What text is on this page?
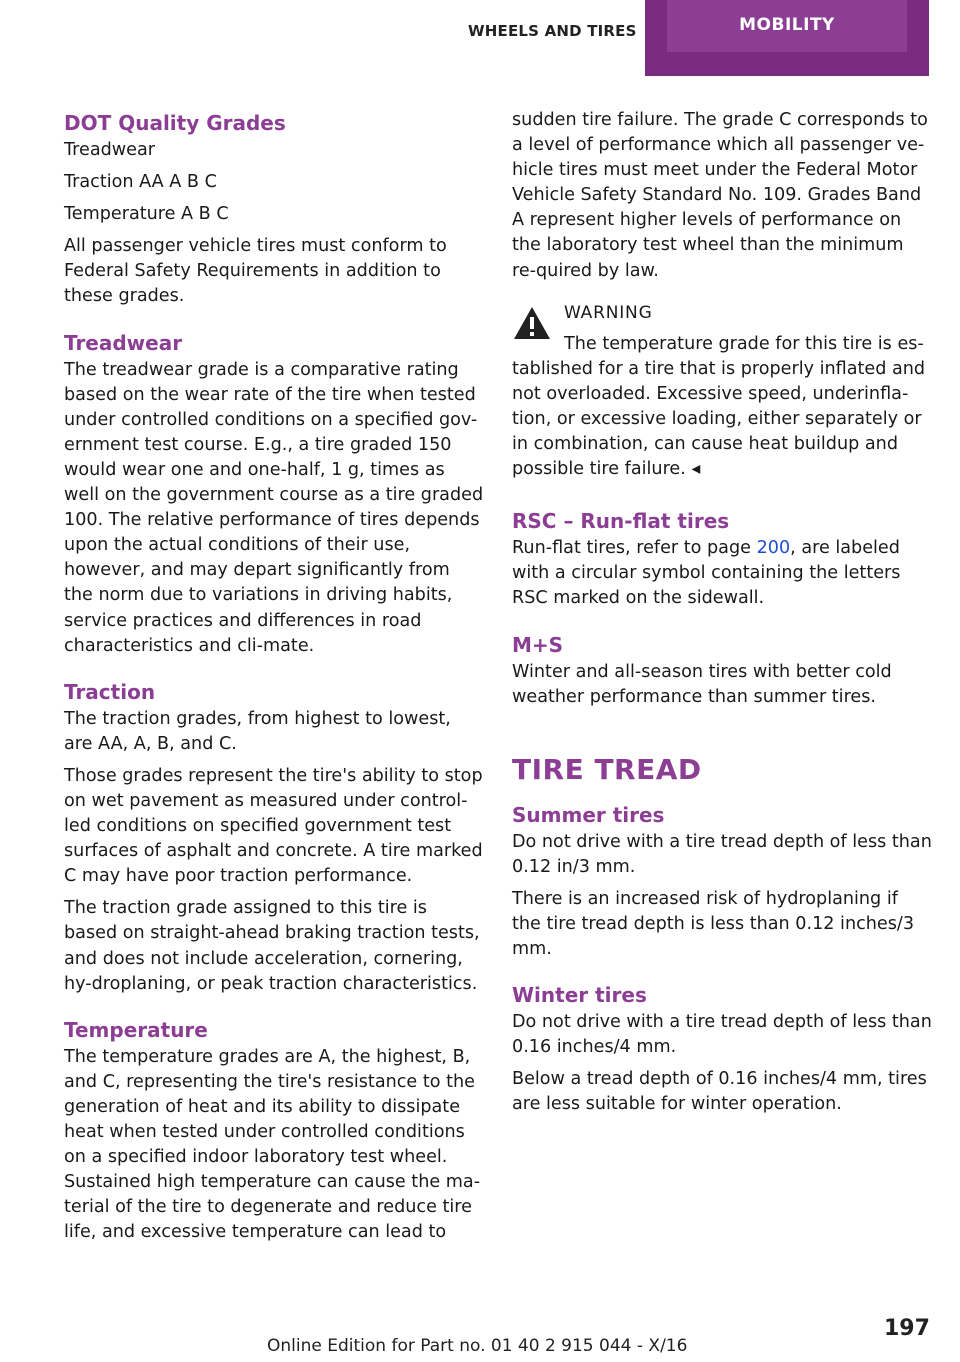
WHEELS AND TIRES	MOBILITY
DOT Quality Grades
Treadwear
Traction AA A B C
Temperature A B C
All passenger vehicle tires must conform to Federal Safety Requirements in addition to these grades.
Treadwear
The treadwear grade is a comparative rating based on the wear rate of the tire when tested under controlled conditions on a specified gov-ernment test course. E.g., a tire graded 150 would wear one and one-half, 1 g, times as well on the government course as a tire graded 100. The relative performance of tires depends upon the actual conditions of their use, however, and may depart significantly from the norm due to variations in driving habits, service practices and differences in road characteristics and cli-mate.
Traction
The traction grades, from highest to lowest, are AA, A, B, and C.
Those grades represent the tire's ability to stop on wet pavement as measured under control-led conditions on specified government test surfaces of asphalt and concrete. A tire marked C may have poor traction performance.
The traction grade assigned to this tire is based on straight-ahead braking traction tests, and does not include acceleration, cornering, hy-droplaning, or peak traction characteristics.
Temperature
The temperature grades are A, the highest, B, and C, representing the tire's resistance to the generation of heat and its ability to dissipate heat when tested under controlled conditions on a specified indoor laboratory test wheel. Sustained high temperature can cause the ma-terial of the tire to degenerate and reduce tire life, and excessive temperature can lead to
sudden tire failure. The grade C corresponds to a level of performance which all passenger ve-hicle tires must meet under the Federal Motor Vehicle Safety Standard No. 109. Grades Band A represent higher levels of performance on the laboratory test wheel than the minimum re-quired by law.
WARNING
The temperature grade for this tire is es-tablished for a tire that is properly inflated and not overloaded. Excessive speed, underinfla-tion, or excessive loading, either separately or in combination, can cause heat buildup and possible tire failure. ◂
RSC – Run-flat tires
Run-flat tires, refer to page 200, are labeled with a circular symbol containing the letters RSC marked on the sidewall.
M+S
Winter and all-season tires with better cold weather performance than summer tires.
TIRE TREAD
Summer tires
Do not drive with a tire tread depth of less than 0.12 in/3 mm.
There is an increased risk of hydroplaning if the tire tread depth is less than 0.12 inches/3 mm.
Winter tires
Do not drive with a tire tread depth of less than 0.16 inches/4 mm.
Below a tread depth of 0.16 inches/4 mm, tires are less suitable for winter operation.
197
Online Edition for Part no. 01 40 2 915 044 - X/16
